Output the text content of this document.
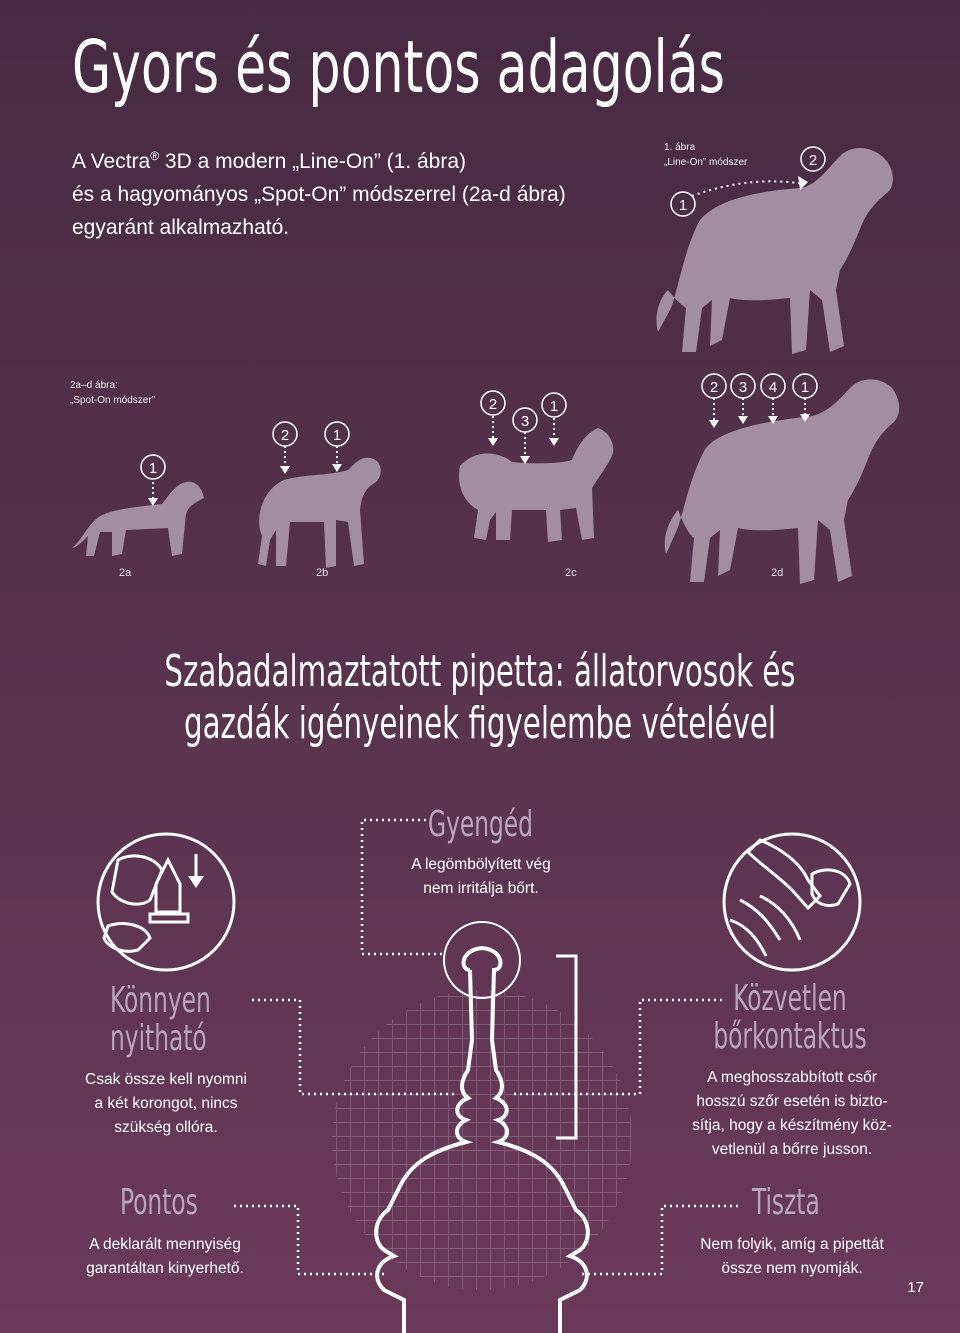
Gyors és pontos adagolás
A Vectra® 3D a modern „Line-On” (1. ábra)
és a hagyományos „Spot-On” módszerrel (2a-d ábra)
egyaránt alkalmazható.
1. ábra
„Line-On” módszer
1
2
2a–d ábra:
„Spot-On módszer”
1
2	1
2
3
1
2 3 4 1
2a	2b	2c	2d
Szabadalmaztatott pipetta: állatorvosok és
gazdák igényeinek figyelembe vételével
Gyengéd
A legömbölyített vég
nem irritálja bőrt.
Könnyen
nyitható
Csak össze kell nyomni
a két korongot, nincs
szükség ollóra.
Pontos
A deklarált mennyiség
garantáltan kinyerhető.
Közvetlen
bőrkontaktus
A meghosszabbított csőr
hosszú szőr esetén is bizto-
sítja, hogy a készítmény köz-
vetlenül a bőrre jusson.
Tiszta
Nem folyik, amíg a pipettát
össze nem nyomják.
17
